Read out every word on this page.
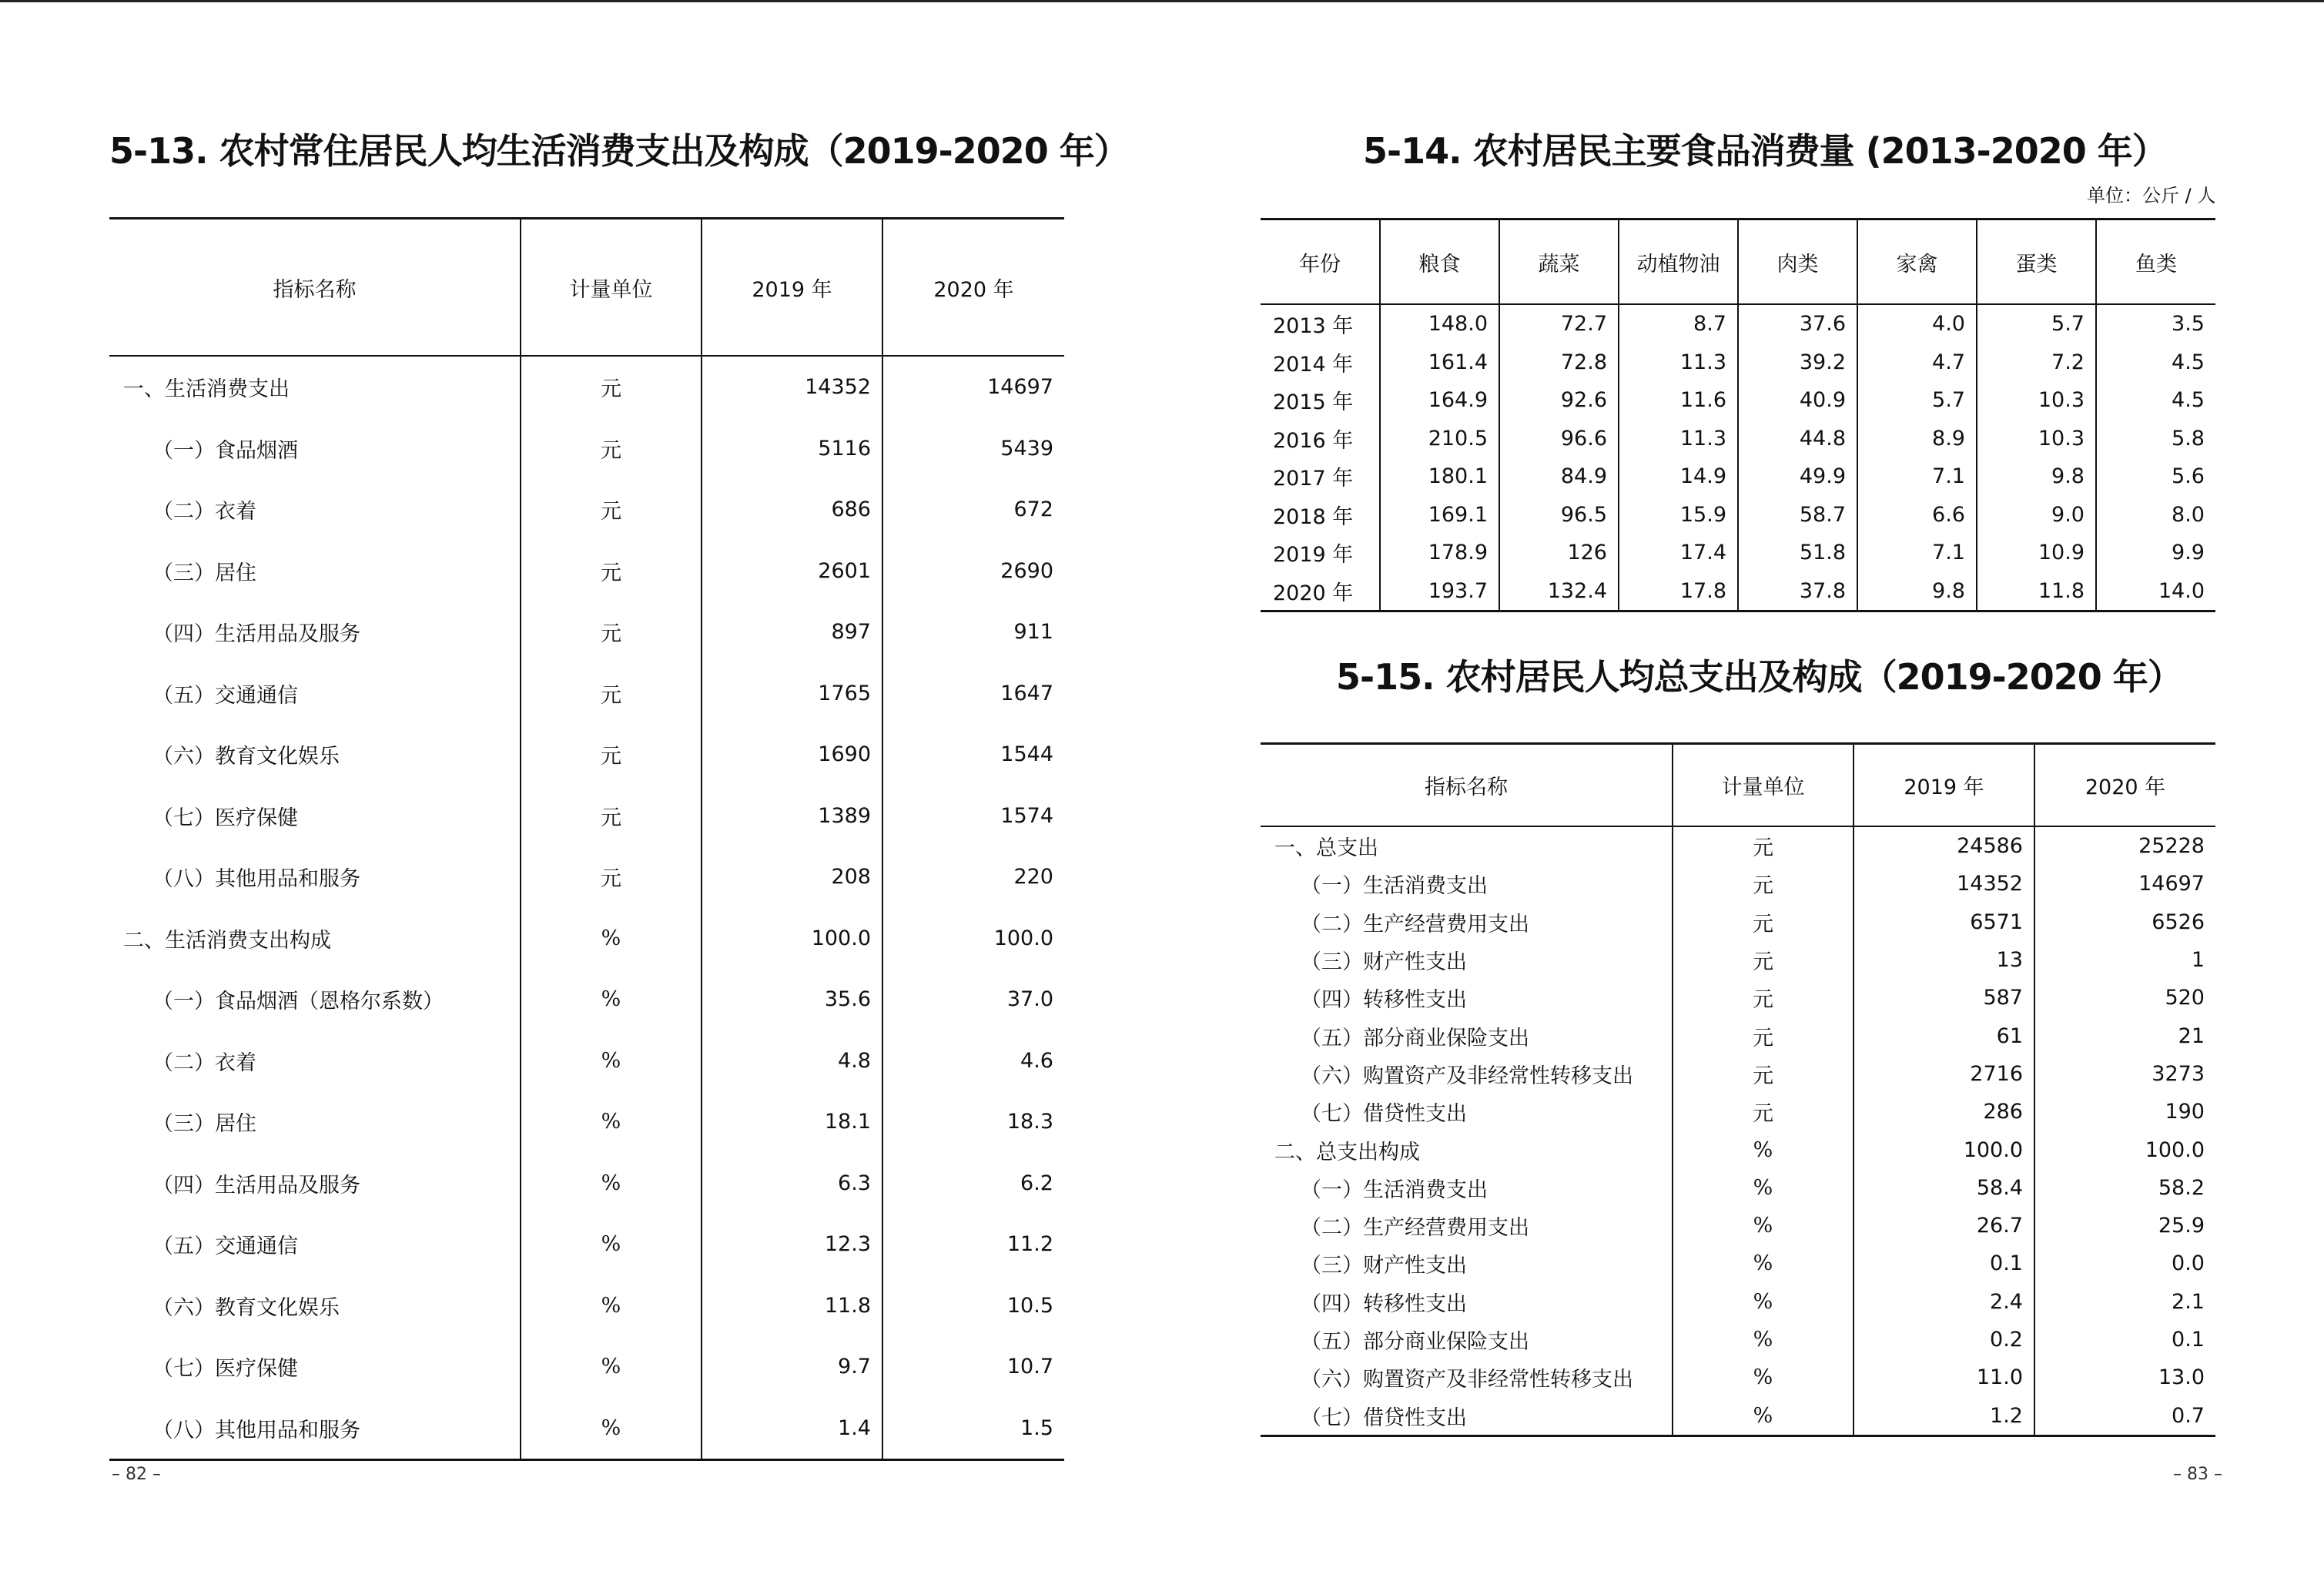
5-13. 农村常住居民人均生活消费支出及构成（2019-2020 年）
指标名称	计量单位	2019 年	2020 年
一、生活消费支出	元	14352	14697
（一）食品烟酒	元	5116	5439
（二）衣着	元	686	672
（三）居住	元	2601	2690
（四）生活用品及服务	元	897	911
（五）交通通信	元	1765	1647
（六）教育文化娱乐	元	1690	1544
（七）医疗保健	元	1389	1574
（八）其他用品和服务	元	208	220
二、生活消费支出构成	%	100.0	100.0
（一）食品烟酒（恩格尔系数）	%	35.6	37.0
（二）衣着	%	4.8	4.6
（三）居住	%	18.1	18.3
（四）生活用品及服务	%	6.3	6.2
（五）交通通信	%	12.3	11.2
（六）教育文化娱乐	%	11.8	10.5
（七）医疗保健	%	9.7	10.7
（八）其他用品和服务	%	1.4	1.5
– 82 –
5-14. 农村居民主要食品消费量 (2013-2020 年）
单位：公斤 / 人
年份	粮食	蔬菜	动植物油	肉类	家禽	蛋类	鱼类
2013 年	148.0	72.7	8.7	37.6	4.0	5.7	3.5
2014 年	161.4	72.8	11.3	39.2	4.7	7.2	4.5
2015 年	164.9	92.6	11.6	40.9	5.7	10.3	4.5
2016 年	210.5	96.6	11.3	44.8	8.9	10.3	5.8
2017 年	180.1	84.9	14.9	49.9	7.1	9.8	5.6
2018 年	169.1	96.5	15.9	58.7	6.6	9.0	8.0
2019 年	178.9	126	17.4	51.8	7.1	10.9	9.9
2020 年	193.7	132.4	17.8	37.8	9.8	11.8	14.0
5-15. 农村居民人均总支出及构成（2019-2020 年）
指标名称	计量单位	2019 年	2020 年
一、总支出	元	24586	25228
（一）生活消费支出	元	14352	14697
（二）生产经营费用支出	元	6571	6526
（三）财产性支出	元	13	1
（四）转移性支出	元	587	520
（五）部分商业保险支出	元	61	21
（六）购置资产及非经常性转移支出	元	2716	3273
（七）借贷性支出	元	286	190
二、总支出构成	%	100.0	100.0
（一）生活消费支出	%	58.4	58.2
（二）生产经营费用支出	%	26.7	25.9
（三）财产性支出	%	0.1	0.0
（四）转移性支出	%	2.4	2.1
（五）部分商业保险支出	%	0.2	0.1
（六）购置资产及非经常性转移支出	%	11.0	13.0
（七）借贷性支出	%	1.2	0.7
– 83 –
